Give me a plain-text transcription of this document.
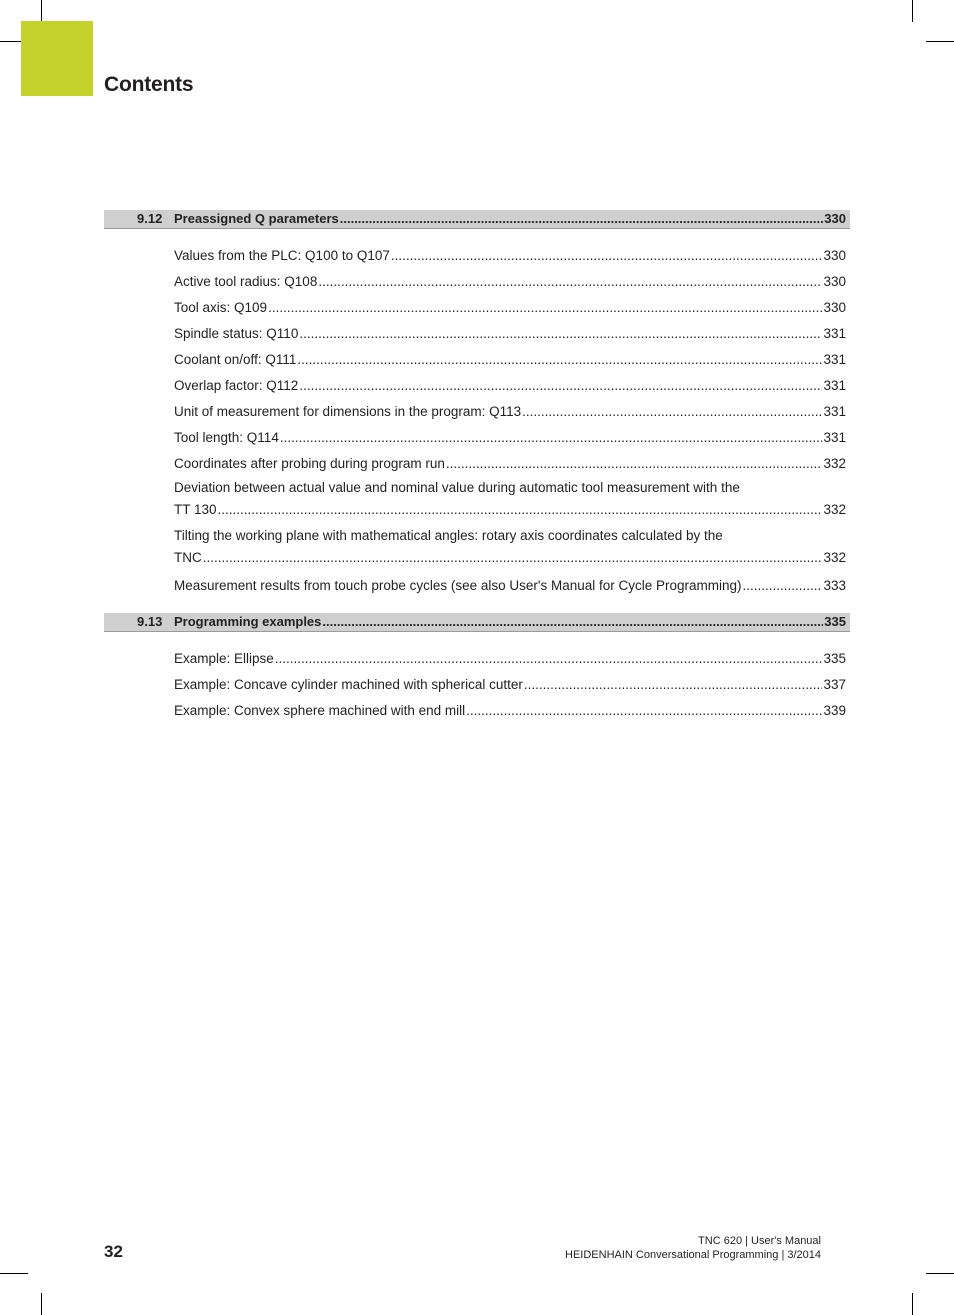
Contents
9.12 Preassigned Q parameters .....	330
Values from the PLC: Q100 to Q107 .....	330
Active tool radius: Q108 .....	330
Tool axis: Q109 .....	330
Spindle status: Q110 .....	331
Coolant on/off: Q111 .....	331
Overlap factor: Q112 .....	331
Unit of measurement for dimensions in the program: Q113 .....	331
Tool length: Q114 .....	331
Coordinates after probing during program run .....	332
Deviation between actual value and nominal value during automatic tool measurement with the
TT 130 .....	332
Tilting the working plane with mathematical angles: rotary axis coordinates calculated by the
TNC .....	332
Measurement results from touch probe cycles (see also User's Manual for Cycle Programming) .....	333
9.13 Programming examples .....	335
Example: Ellipse .....	335
Example: Concave cylinder machined with spherical cutter .....	337
Example: Convex sphere machined with end mill .....	339

32

TNC 620 | User's Manual
HEIDENHAIN Conversational Programming | 3/2014
